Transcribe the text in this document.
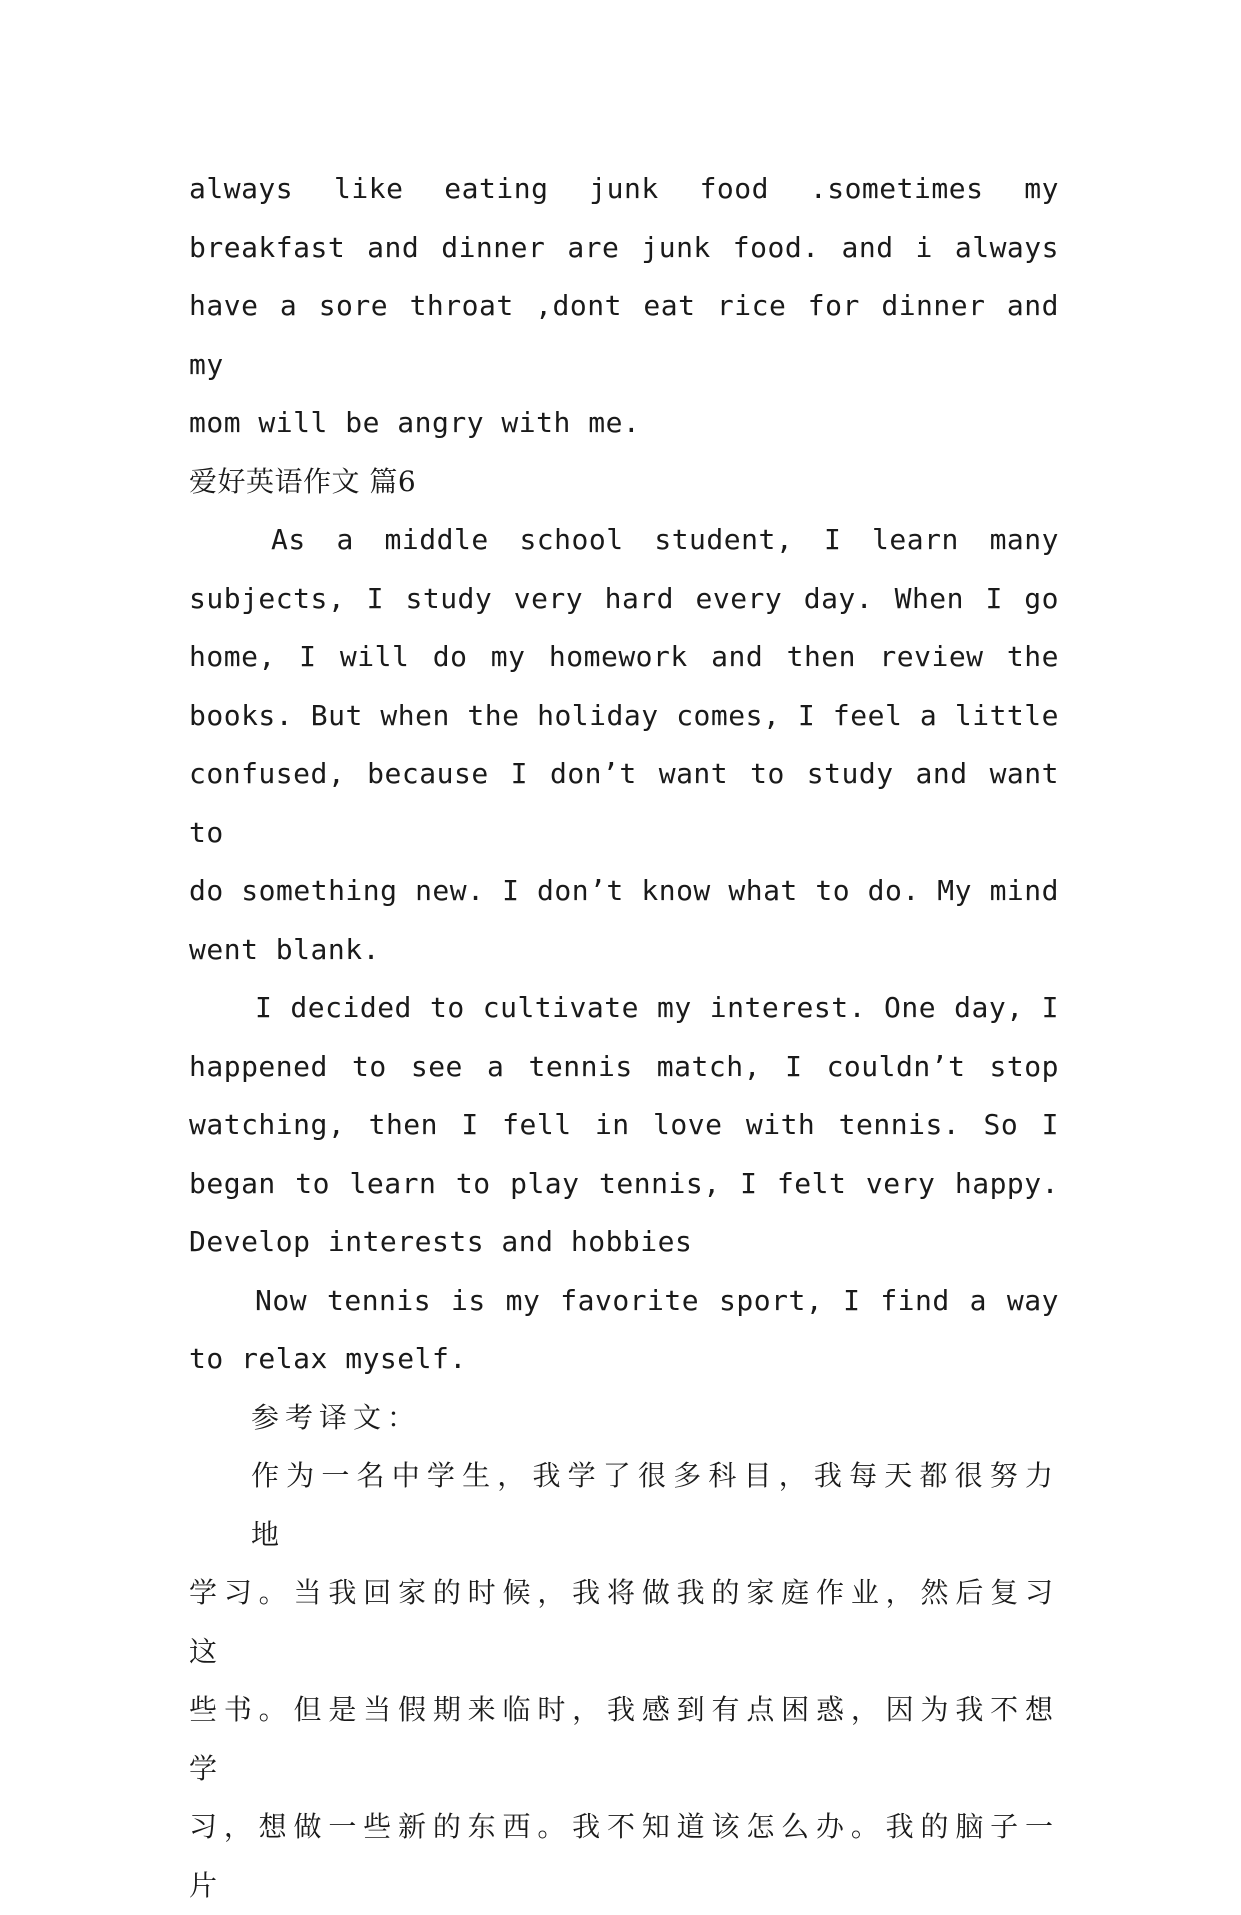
always like eating junk food .sometimes my
breakfast and dinner are junk food. and i always
have a sore throat ,dont eat rice for dinner and my
mom will be angry with me.
爱好英语作文 篇6
As a middle school student, I learn many
subjects, I study very hard every day. When I go
home, I will do my homework and then review the
books. But when the holiday comes, I feel a little
confused, because I don’t want to study and want to
do something new. I don’t know what to do. My mind
went blank.
I decided to cultivate my interest. One day, I
happened to see a tennis match, I couldn’t stop
watching, then I fell in love with tennis. So I
began to learn to play tennis, I felt very happy.
Develop interests and hobbies
Now tennis is my favorite sport, I find a way
to relax myself.
参考译文：
作为一名中学生，我学了很多科目，我每天都很努力地
学习。当我回家的时候，我将做我的家庭作业，然后复习这
些书。但是当假期来临时，我感到有点困惑，因为我不想学
习，想做一些新的东西。我不知道该怎么办。我的脑子一片
